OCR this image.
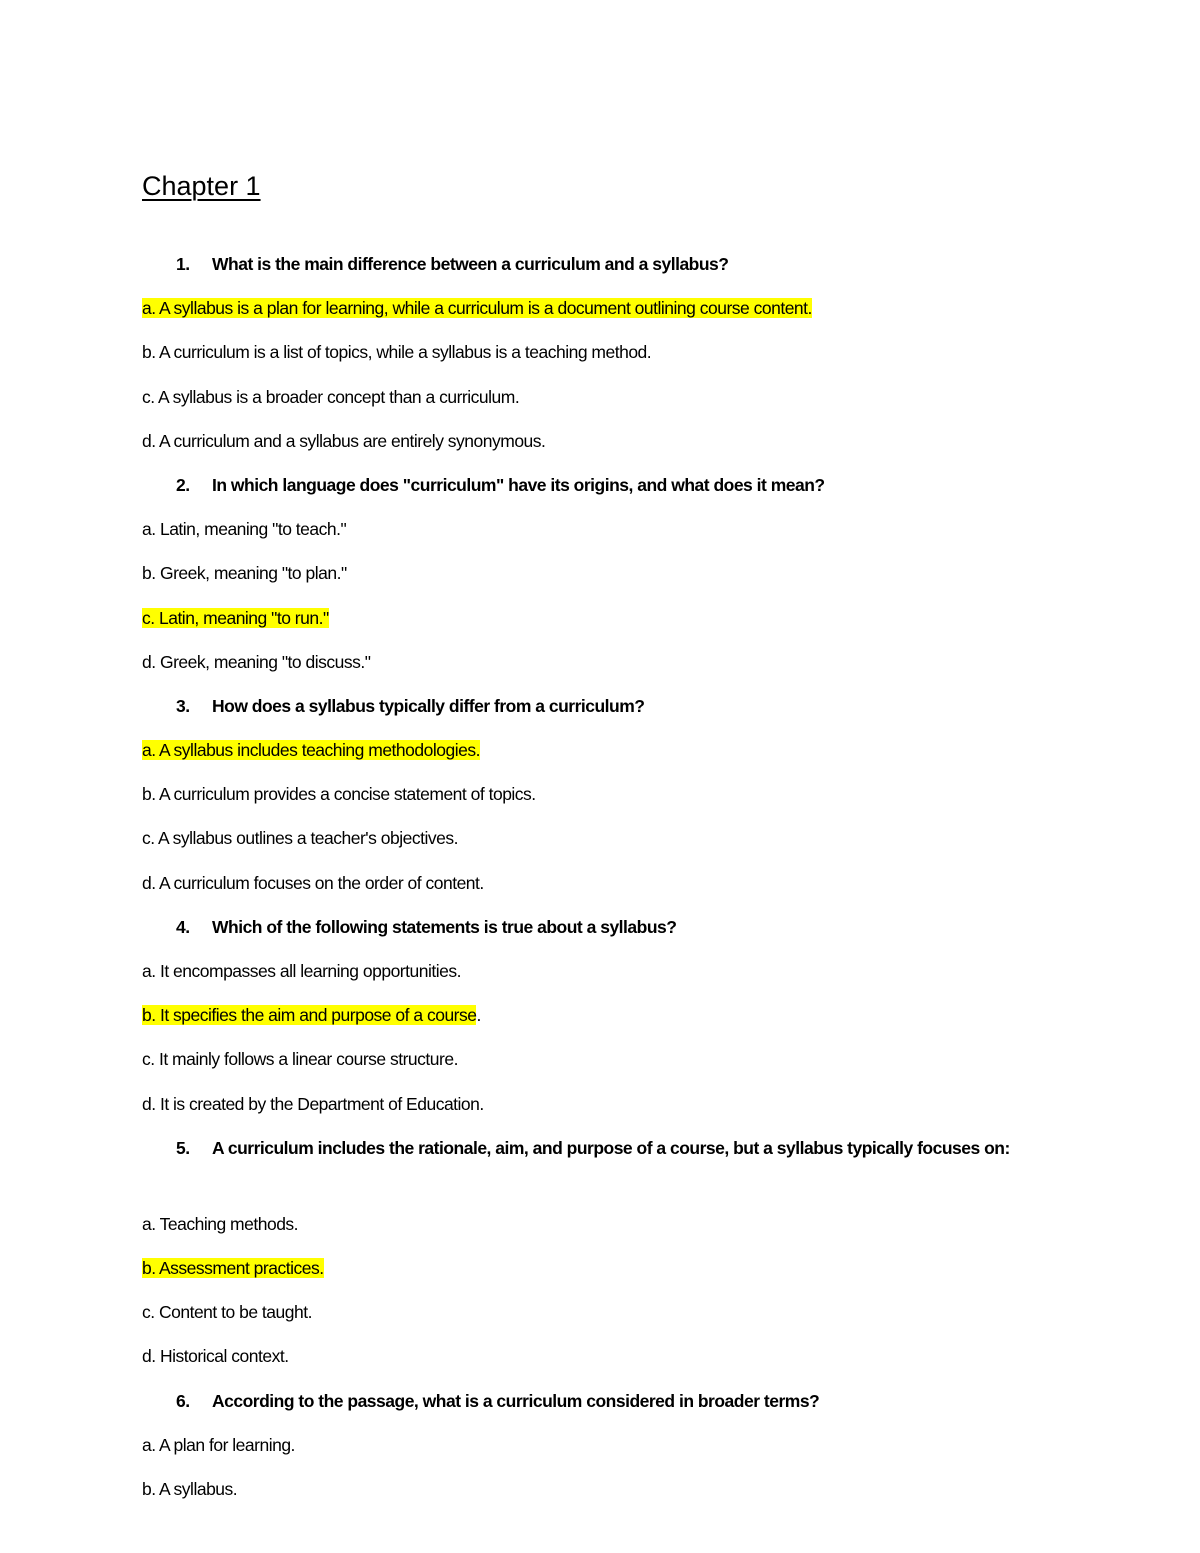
Chapter 1
1. What is the main difference between a curriculum and a syllabus?
a. A syllabus is a plan for learning, while a curriculum is a document outlining course content.
b. A curriculum is a list of topics, while a syllabus is a teaching method.
c. A syllabus is a broader concept than a curriculum.
d. A curriculum and a syllabus are entirely synonymous.
2. In which language does "curriculum" have its origins, and what does it mean?
a. Latin, meaning "to teach."
b. Greek, meaning "to plan."
c. Latin, meaning "to run."
d. Greek, meaning "to discuss."
3. How does a syllabus typically differ from a curriculum?
a. A syllabus includes teaching methodologies.
b. A curriculum provides a concise statement of topics.
c. A syllabus outlines a teacher's objectives.
d. A curriculum focuses on the order of content.
4. Which of the following statements is true about a syllabus?
a. It encompasses all learning opportunities.
b. It specifies the aim and purpose of a course.
c. It mainly follows a linear course structure.
d. It is created by the Department of Education.
5. A curriculum includes the rationale, aim, and purpose of a course, but a syllabus typically focuses on:
a. Teaching methods.
b. Assessment practices.
c. Content to be taught.
d. Historical context.
6. According to the passage, what is a curriculum considered in broader terms?
a. A plan for learning.
b. A syllabus.
